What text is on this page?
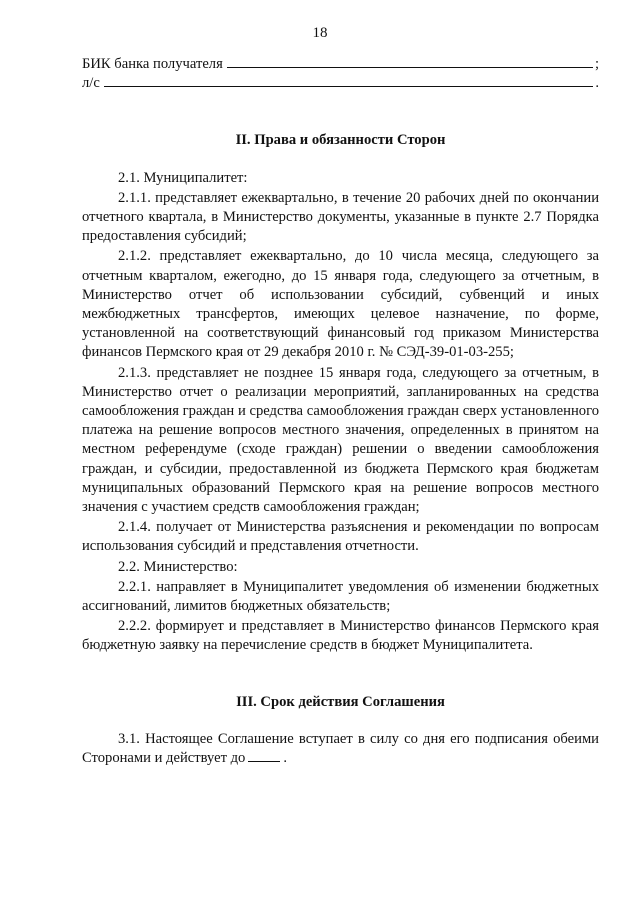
18
БИК банка получателя	;
л/с	.

II. Права и обязанности Сторон

2.1. Муниципалитет:

2.1.1. представляет ежеквартально, в течение 20 рабочих дней по окончании отчетного квартала, в Министерство документы, указанные в пункте 2.7 Порядка предоставления субсидий;

2.1.2. представляет ежеквартально, до 10 числа месяца, следующего за отчетным кварталом, ежегодно, до 15 января года, следующего за отчетным, в Министерство отчет об использовании субсидий, субвенций и иных межбюджетных трансфертов, имеющих целевое назначение, по форме, установленной на соответствующий финансовый год приказом Министерства финансов Пермского края от 29 декабря 2010 г. № СЭД-39-01-03-255;

2.1.3. представляет не позднее 15 января года, следующего за отчетным, в Министерство отчет о реализации мероприятий, запланированных на средства самообложения граждан и средства самообложения граждан сверх установленного платежа на решение вопросов местного значения, определенных в принятом на местном референдуме (сходе граждан) решении о введении самообложения граждан, и субсидии, предоставленной из бюджета Пермского края бюджетам муниципальных образований Пермского края на решение вопросов местного значения с участием средств самообложения граждан;

2.1.4. получает от Министерства разъяснения и рекомендации по вопросам использования субсидий и представления отчетности.

2.2. Министерство:

2.2.1. направляет в Муниципалитет уведомления об изменении бюджетных ассигнований, лимитов бюджетных обязательств;

2.2.2. формирует и представляет в Министерство финансов Пермского края бюджетную заявку на перечисление средств в бюджет Муниципалитета.

III. Срок действия Соглашения

3.1. Настоящее Соглашение вступает в силу со дня его подписания обеими Сторонами и действует до	.
